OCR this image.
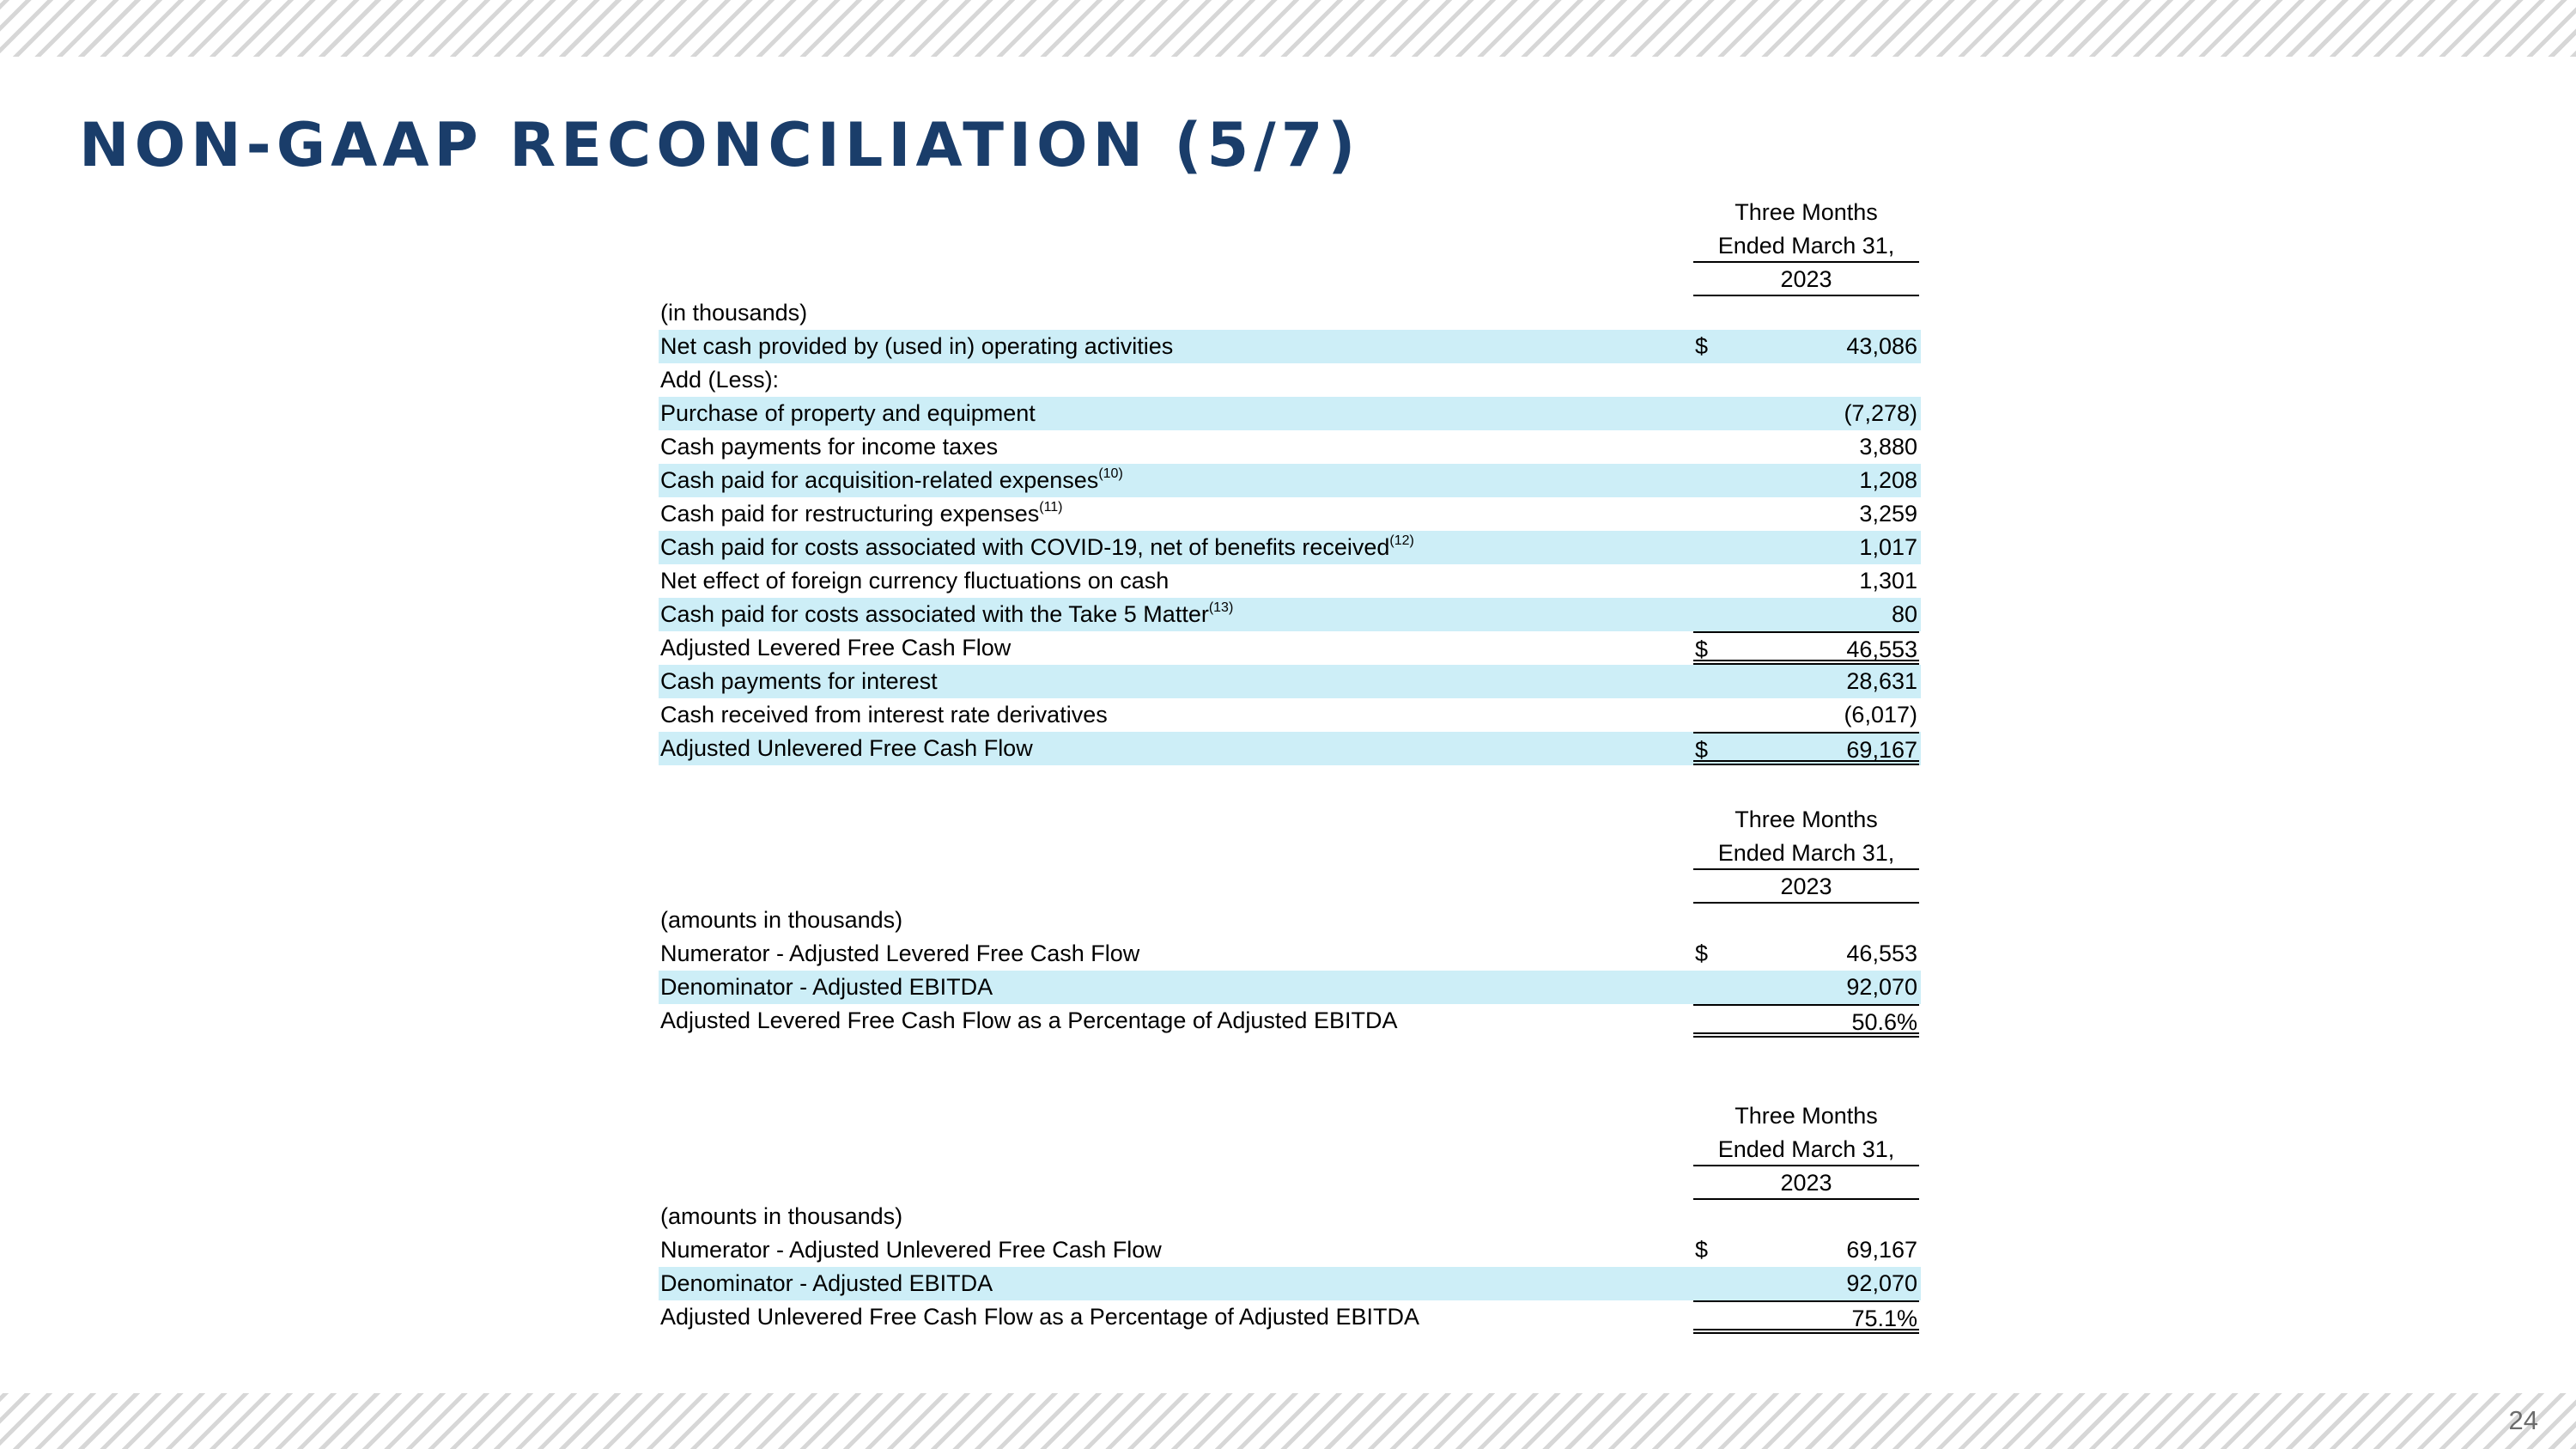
NON-GAAP RECONCILIATION (5/7)
24
Three Months
Ended March 31,
2023
(in thousands)
Net cash provided by (used in) operating activities	$	43,086
Add (Less):
Purchase of property and equipment	(7,278)
Cash payments for income taxes	3,880
Cash paid for acquisition-related expenses$^{(10)}$	1,208
Cash paid for restructuring expenses$^{(11)}$	3,259
Cash paid for costs associated with COVID-19, net of benefits received$^{(12)}$	1,017
Net effect of foreign currency fluctuations on cash	1,301
Cash paid for costs associated with the Take 5 Matter$^{(13)}$	80
Adjusted Levered Free Cash Flow	$	46,553
Cash payments for interest	28,631
Cash received from interest rate derivatives	(6,017)
Adjusted Unlevered Free Cash Flow	$	69,167
Three Months
Ended March 31,
2023
(amounts in thousands)
Numerator - Adjusted Levered Free Cash Flow	$	46,553
Denominator - Adjusted EBITDA	92,070
Adjusted Levered Free Cash Flow as a Percentage of Adjusted EBITDA	50.6%
Three Months
Ended March 31,
2023
(amounts in thousands)
Numerator - Adjusted Unlevered Free Cash Flow	$	69,167
Denominator - Adjusted EBITDA	92,070
Adjusted Unlevered Free Cash Flow as a Percentage of Adjusted EBITDA	75.1%
